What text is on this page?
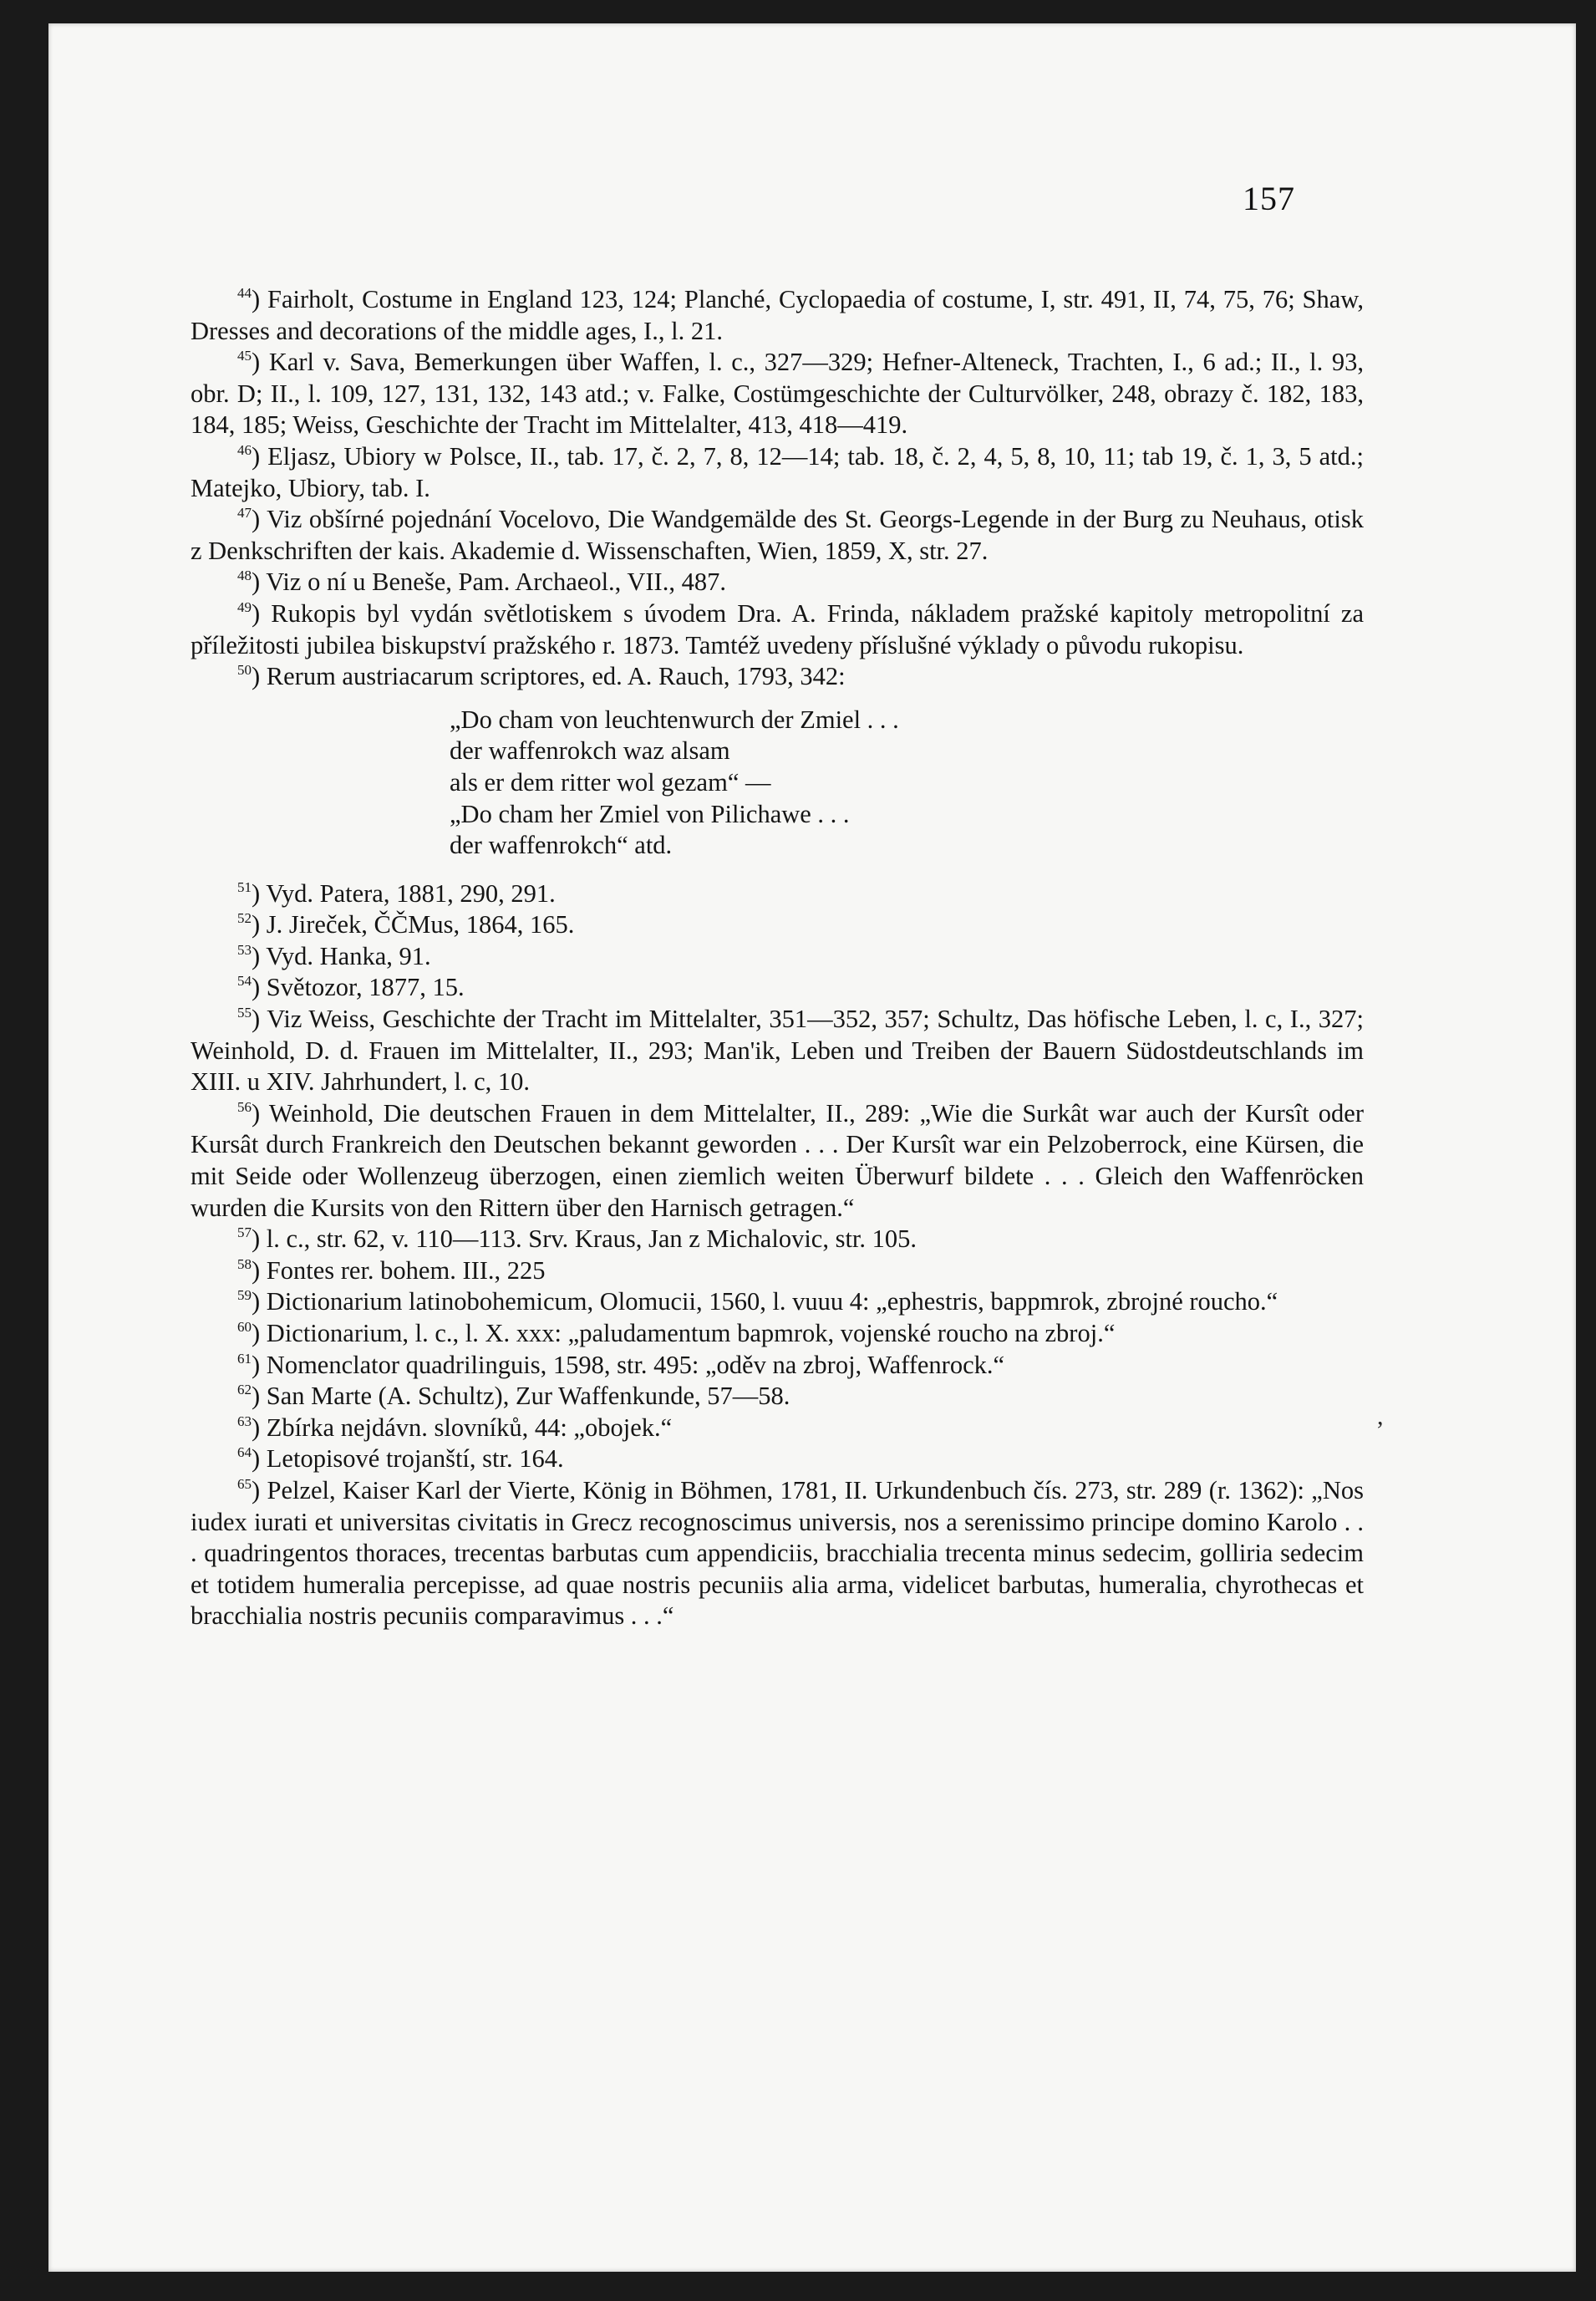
157
,

$^{44}$) Fairholt, Costume in England 123, 124; Planché, Cyclopaedia of costume, I, str. 491, II, 74, 75, 76; Shaw, Dresses and decorations of the middle ages, I., l. 21.

$^{45}$) Karl v. Sava, Bemerkungen über Waffen, l. c., 327—329; Hefner-Alteneck, Trachten, I., 6 ad.; II., l. 93, obr. D; II., l. 109, 127, 131, 132, 143 atd.; v. Falke, Costümgeschichte der Culturvölker, 248, obrazy č. 182, 183, 184, 185; Weiss, Geschichte der Tracht im Mittelalter, 413, 418—419.

$^{46}$) Eljasz, Ubiory w Polsce, II., tab. 17, č. 2, 7, 8, 12—14; tab. 18, č. 2, 4, 5, 8, 10, 11; tab 19, č. 1, 3, 5 atd.; Matejko, Ubiory, tab. I.

$^{47}$) Viz obšírné pojednání Vocelovo, Die Wandgemälde des St. Georgs-Legende in der Burg zu Neuhaus, otisk z Denkschriften der kais. Akademie d. Wissenschaften, Wien, 1859, X, str. 27.

$^{48}$) Viz o ní u Beneše, Pam. Archaeol., VII., 487.

$^{49}$) Rukopis byl vydán světlotiskem s úvodem Dra. A. Frinda, nákladem pražské kapitoly metropolitní za příležitosti jubilea biskupství pražského r. 1873. Tamtéž uvedeny příslušné výklady o původu rukopisu.

$^{50}$) Rerum austriacarum scriptores, ed. A. Rauch, 1793, 342:

„Do cham von leuchtenwurch der Zmiel . . .
der waffenrokch waz alsam
als er dem ritter wol gezam“ —
„Do cham her Zmiel von Pilichawe . . .
der waffenrokch“ atd.

$^{51}$) Vyd. Patera, 1881, 290, 291.

$^{52}$) J. Jireček, ČČMus, 1864, 165.

$^{53}$) Vyd. Hanka, 91.

$^{54}$) Světozor, 1877, 15.

$^{55}$) Viz Weiss, Geschichte der Tracht im Mittelalter, 351—352, 357; Schultz, Das höfische Leben, l. c, I., 327; Weinhold, D. d. Frauen im Mittelalter, II., 293; Man'ik, Leben und Treiben der Bauern Südostdeutschlands im XIII. u XIV. Jahrhundert, l. c, 10.

$^{56}$) Weinhold, Die deutschen Frauen in dem Mittelalter, II., 289: „Wie die Surkât war auch der Kursît oder Kursât durch Frankreich den Deutschen bekannt geworden . . . Der Kursît war ein Pelzoberrock, eine Kürsen, die mit Seide oder Wollenzeug überzogen, einen ziemlich weiten Überwurf bildete . . . Gleich den Waffenröcken wurden die Kursits von den Rittern über den Harnisch getragen.“

$^{57}$) l. c., str. 62, v. 110—113. Srv. Kraus, Jan z Michalovic, str. 105.

$^{58}$) Fontes rer. bohem. III., 225

$^{59}$) Dictionarium latinobohemicum, Olomucii, 1560, l. vuuu 4: „ephestris, bappmrok, zbrojné roucho.“

$^{60}$) Dictionarium, l. c., l. X. xxx: „paludamentum bapmrok, vojenské roucho na zbroj.“

$^{61}$) Nomenclator quadrilinguis, 1598, str. 495: „oděv na zbroj, Waffenrock.“

$^{62}$) San Marte (A. Schultz), Zur Waffenkunde, 57—58.

$^{63}$) Zbírka nejdávn. slovníků, 44: „obojek.“

$^{64}$) Letopisové trojanští, str. 164.

$^{65}$) Pelzel, Kaiser Karl der Vierte, König in Böhmen, 1781, II. Urkundenbuch čís. 273, str. 289 (r. 1362): „Nos iudex iurati et universitas civitatis in Grecz recognoscimus universis, nos a serenissimo principe domino Karolo . . . quadringentos thoraces, trecentas barbutas cum appendiciis, bracchialia trecenta minus sedecim, golliria sedecim et totidem humeralia percepisse, ad quae nostris pecuniis alia arma, videlicet barbutas, humeralia, chyrothecas et bracchialia nostris pecuniis comparavimus . . .“
